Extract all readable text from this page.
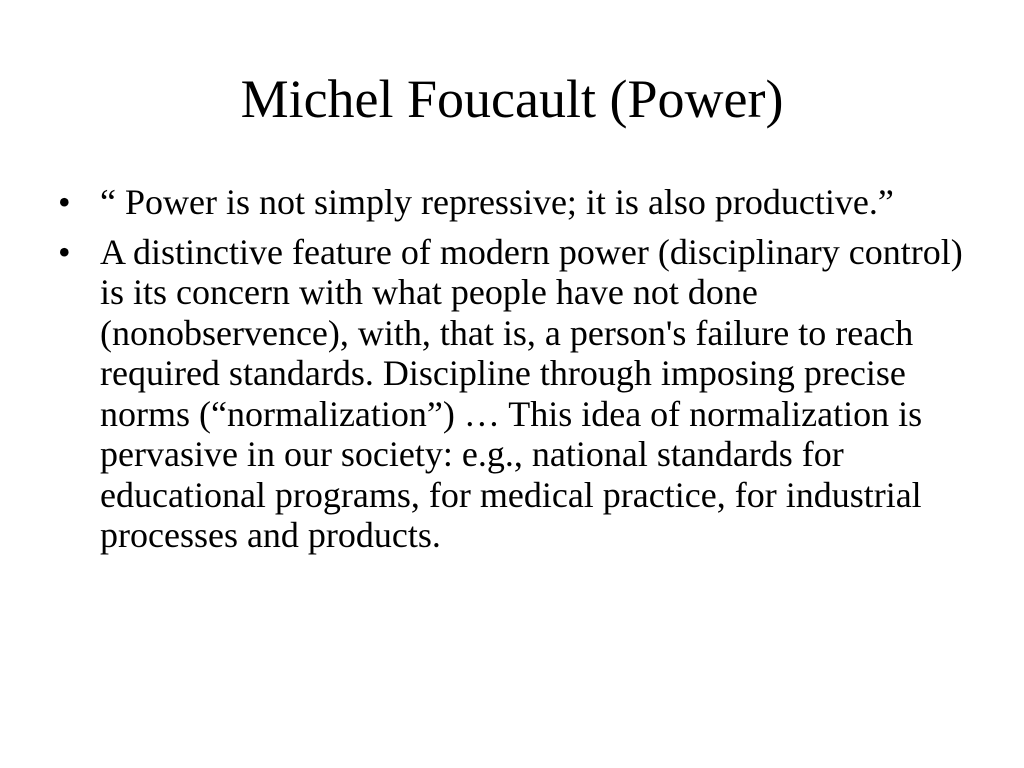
Michel Foucault (Power)
• “ Power is not simply repressive; it is also productive.”
• A distinctive feature of modern power (disciplinary control) is its concern with what people have not done (nonobservence), with, that is, a person's failure to reach required standards. Discipline through imposing precise norms (“normalization”) … This idea of normalization is pervasive in our society: e.g., national standards for educational programs, for medical practice, for industrial processes and products.
